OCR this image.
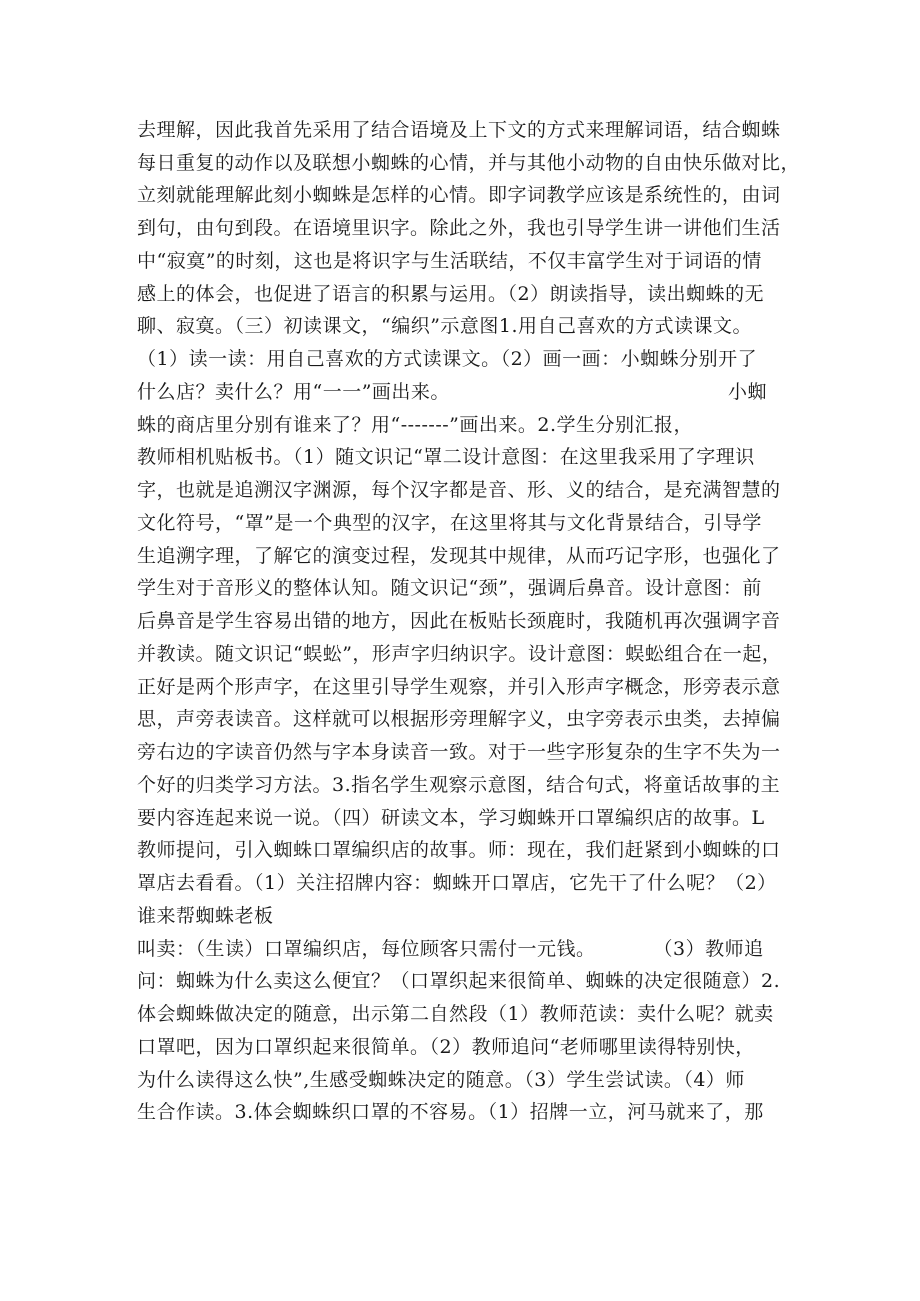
去理解，因此我首先采用了结合语境及上下文的方式来理解词语，结合蜘蛛
每日重复的动作以及联想小蜘蛛的心情，并与其他小动物的自由快乐做对比，
立刻就能理解此刻小蜘蛛是怎样的心情。即字词教学应该是系统性的，由词
到句，由句到段。在语境里识字。除此之外，我也引导学生讲一讲他们生活
中“寂寞”的时刻，这也是将识字与生活联结，不仅丰富学生对于词语的情
感上的体会，也促进了语言的积累与运用。（2）朗读指导，读出蜘蛛的无
聊、寂寞。（三）初读课文，“编织”示意图1.用自己喜欢的方式读课文。
（1）读一读：用自己喜欢的方式读课文。（2）画一画：小蜘蛛分别开了
什么店？卖什么？用“一一”画出来。	小蜘
蛛的商店里分别有谁来了？用“-------”画出来。2.学生分别汇报，
教师相机贴板书。（1）随文识记“罩二设计意图：在这里我采用了字理识
字，也就是追溯汉字渊源，每个汉字都是音、形、义的结合，是充满智慧的
文化符号，“罩”是一个典型的汉字，在这里将其与文化背景结合，引导学
生追溯字理，了解它的演变过程，发现其中规律，从而巧记字形，也强化了
学生对于音形义的整体认知。随文识记“颈”，强调后鼻音。设计意图：前
后鼻音是学生容易出错的地方，因此在板贴长颈鹿时，我随机再次强调字音
并教读。随文识记“蜈蚣”，形声字归纳识字。设计意图：蜈蚣组合在一起，
正好是两个形声字，在这里引导学生观察，并引入形声字概念，形旁表示意
思，声旁表读音。这样就可以根据形旁理解字义，虫字旁表示虫类，去掉偏
旁右边的字读音仍然与字本身读音一致。对于一些字形复杂的生字不失为一
个好的归类学习方法。3.指名学生观察示意图，结合句式，将童话故事的主
要内容连起来说一说。（四）研读文本，学习蜘蛛开口罩编织店的故事。L
教师提问，引入蜘蛛口罩编织店的故事。师：现在，我们赶紧到小蜘蛛的口
罩店去看看。（1）关注招牌内容：蜘蛛开口罩店，它先干了什么呢？（2）
谁来帮蜘蛛老板
叫卖：（生读）口罩编织店，每位顾客只需付一元钱。	（3）教师追
问：蜘蛛为什么卖这么便宜？（口罩织起来很简单、蜘蛛的决定很随意）2.
体会蜘蛛做决定的随意，出示第二自然段（1）教师范读：卖什么呢？就卖
口罩吧，因为口罩织起来很简单。（2）教师追问“老师哪里读得特别快，
为什么读得这么快”,生感受蜘蛛决定的随意。（3）学生尝试读。（4）师
生合作读。3.体会蜘蛛织口罩的不容易。（1）招牌一立，河马就来了，那
